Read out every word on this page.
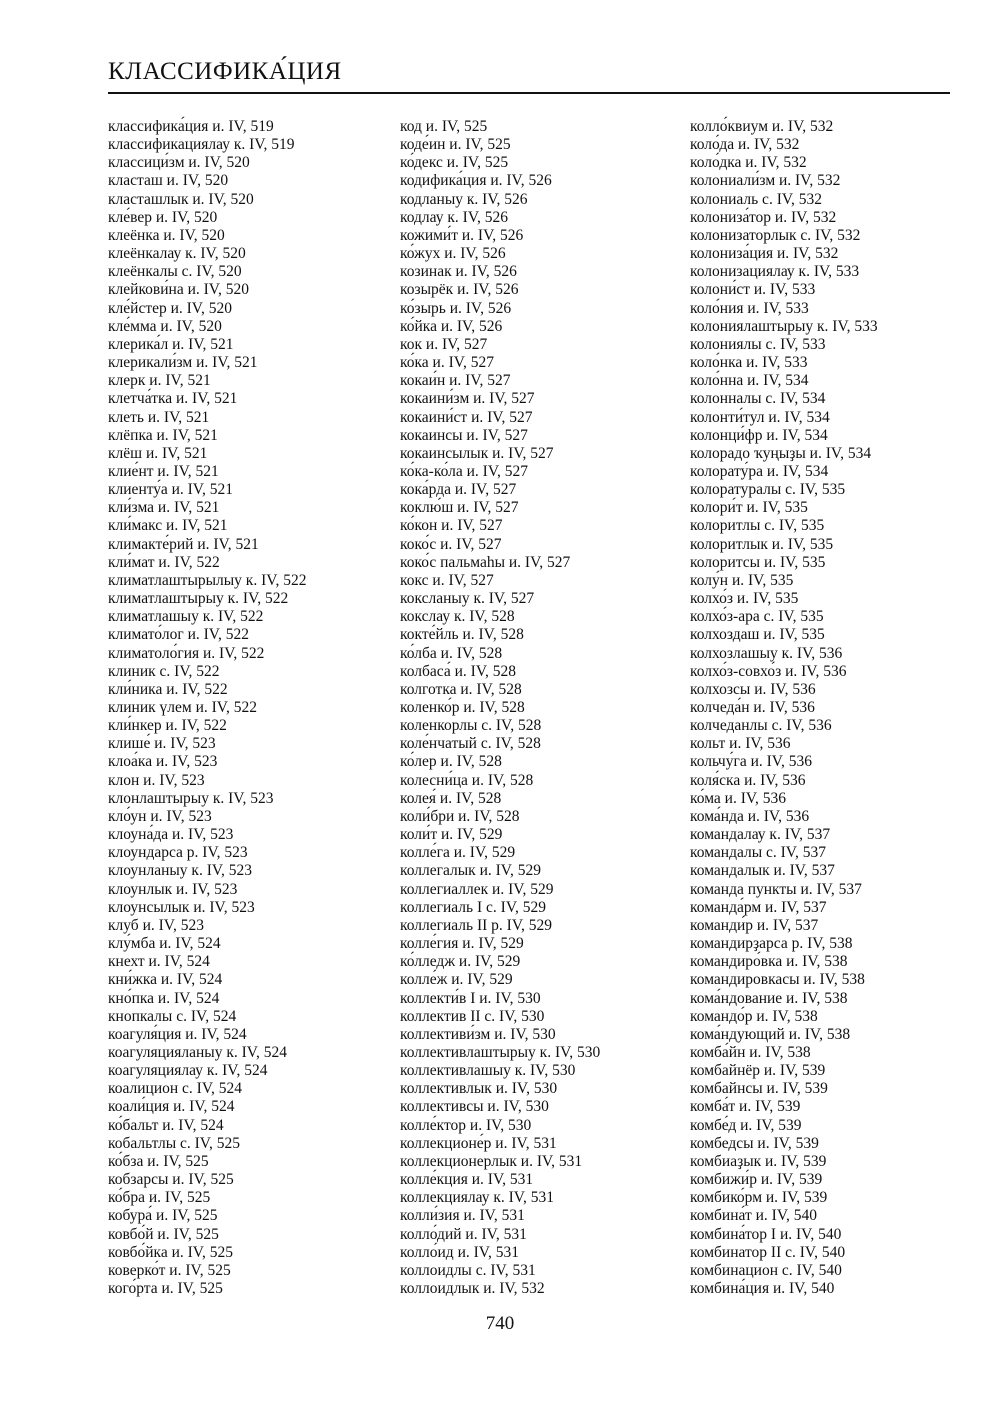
КЛАССИФИКА́ЦИЯ
классифика́ция и. IV, 519
классификациялау к. IV, 519
классици́зм и. IV, 520
класташ и. IV, 520
класташлык и. IV, 520
кле́вер и. IV, 520
клеёнка и. IV, 520
клеёнкалау к. IV, 520
клеёнкалы с. IV, 520
клейкови́на и. IV, 520
кле́йстер и. IV, 520
кле́мма и. IV, 520
клерика́л и. IV, 521
клерикали́зм и. IV, 521
клерк и. IV, 521
клетча́тка и. IV, 521
клеть и. IV, 521
клёпка и. IV, 521
клёш и. IV, 521
клие́нт и. IV, 521
клиенту́а и. IV, 521
кли́зма и. IV, 521
кли́макс и. IV, 521
климакте́рий и. IV, 521
кли́мат и. IV, 522
климатлаштырылыу к. IV, 522
климатлаштырыу к. IV, 522
климатлашыу к. IV, 522
климато́лог и. IV, 522
климатоло́гия и. IV, 522
клиник с. IV, 522
кли́ника и. IV, 522
клиник үлем и. IV, 522
кли́нкер и. IV, 522
клише́ и. IV, 523
клоа́ка и. IV, 523
клон и. IV, 523
клонлаштырыу к. IV, 523
кло́ун и. IV, 523
клоуна́да и. IV, 523
клоундарса р. IV, 523
клоунланыу к. IV, 523
клоунлык и. IV, 523
клоунсылык и. IV, 523
клуб и. IV, 523
клу́мба и. IV, 524
кнехт и. IV, 524
кни́жка и. IV, 524
кно́пка и. IV, 524
кнопкалы с. IV, 524
коагуля́ция и. IV, 524
коагуляцияланыу к. IV, 524
коагуляциялау к. IV, 524
коалицион с. IV, 524
коали́ция и. IV, 524
ко́бальт и. IV, 524
кобальтлы с. IV, 525
ко́бза и. IV, 525
кобзарсы и. IV, 525
ко́бра и. IV, 525
кобура́ и. IV, 525
ковбо́й и. IV, 525
ковбо́йка и. IV, 525
коверко́т и. IV, 525
кого́рта и. IV, 525
код и. IV, 525
коде́ин и. IV, 525
ко́декс и. IV, 525
кодифика́ция и. IV, 526
кодланыу к. IV, 526
кодлау к. IV, 526
кожими́т и. IV, 526
ко́жух и. IV, 526
козинак и. IV, 526
козырёк и. IV, 526
ко́зырь и. IV, 526
ко́йка и. IV, 526
кок и. IV, 527
ко́ка и. IV, 527
кокаи́н и. IV, 527
кокаини́зм и. IV, 527
кокаини́ст и. IV, 527
кокаинсы и. IV, 527
кокаинсылык и. IV, 527
ко́ка-ко́ла и. IV, 527
кока́рда и. IV, 527
коклю́ш и. IV, 527
ко́кон и. IV, 527
коко́с и. IV, 527
коко́с пальмаһы и. IV, 527
кокс и. IV, 527
коксланыу к. IV, 527
кокслау к. IV, 528
кокте́йль и. IV, 528
ко́лба и. IV, 528
колбаса́ и. IV, 528
колготка и. IV, 528
коленко́р и. IV, 528
коленкорлы с. IV, 528
коле́нчатый с. IV, 528
ко́лер и. IV, 528
колесни́ца и. IV, 528
колея́ и. IV, 528
коли́бри и. IV, 528
коли́т и. IV, 529
колле́га и. IV, 529
коллегалык и. IV, 529
коллегиаллек и. IV, 529
коллегиаль I с. IV, 529
коллегиаль II р. IV, 529
колле́гия и. IV, 529
ко́лледж и. IV, 529
колле́ж и. IV, 529
коллекти́в I и. IV, 530
коллектив II с. IV, 530
коллективи́зм и. IV, 530
коллективлаштырыу к. IV, 530
коллективлашыу к. IV, 530
коллективлык и. IV, 530
коллективсы и. IV, 530
колле́ктор и. IV, 530
коллекционе́р и. IV, 531
коллекционерлык и. IV, 531
колле́кция и. IV, 531
коллекциялау к. IV, 531
колли́зия и. IV, 531
колло́дий и. IV, 531
колло́ид и. IV, 531
коллоидлы с. IV, 531
коллоидлык и. IV, 532
колло́квиум и. IV, 532
коло́да и. IV, 532
коло́дка и. IV, 532
колониали́зм и. IV, 532
колониаль с. IV, 532
колониза́тор и. IV, 532
колонизаторлык с. IV, 532
колониза́ция и. IV, 532
колонизациялау к. IV, 533
колони́ст и. IV, 533
коло́ния и. IV, 533
колониялаштырыу к. IV, 533
колониялы с. IV, 533
коло́нка и. IV, 533
коло́нна и. IV, 534
колонналы с. IV, 534
колонти́тул и. IV, 534
колонци́фр и. IV, 534
колорадо ҡуңыҙы и. IV, 534
колорату́ра и. IV, 534
колоратуралы с. IV, 535
колори́т и. IV, 535
колоритлы с. IV, 535
колоритлык и. IV, 535
колоритсы и. IV, 535
колу́н и. IV, 535
колхо́з и. IV, 535
колхо́з-ара с. IV, 535
колхоздаш и. IV, 535
колхозлашыу к. IV, 536
колхо́з-совхо́з и. IV, 536
колхозсы и. IV, 536
колчеда́н и. IV, 536
колчеданлы с. IV, 536
кольт и. IV, 536
кольчу́га и. IV, 536
коля́ска и. IV, 536
ко́ма и. IV, 536
кома́нда и. IV, 536
командалау к. IV, 537
командалы с. IV, 537
командалык и. IV, 537
команда пункты и. IV, 537
команда́рм и. IV, 537
команди́р и. IV, 537
командирҙарса р. IV, 538
командиро́вка и. IV, 538
командировкасы и. IV, 538
кома́ндование и. IV, 538
командо́р и. IV, 538
кома́ндующий и. IV, 538
комба́йн и. IV, 538
комбайнёр и. IV, 539
комбайнсы и. IV, 539
комба́т и. IV, 539
комбе́д и. IV, 539
комбедсы и. IV, 539
комбиаҙык и. IV, 539
комбижи́р и. IV, 539
комбико́рм и. IV, 539
комбина́т и. IV, 540
комбина́тор I и. IV, 540
комбинатор II с. IV, 540
комбинацион с. IV, 540
комбина́ция и. IV, 540
740
